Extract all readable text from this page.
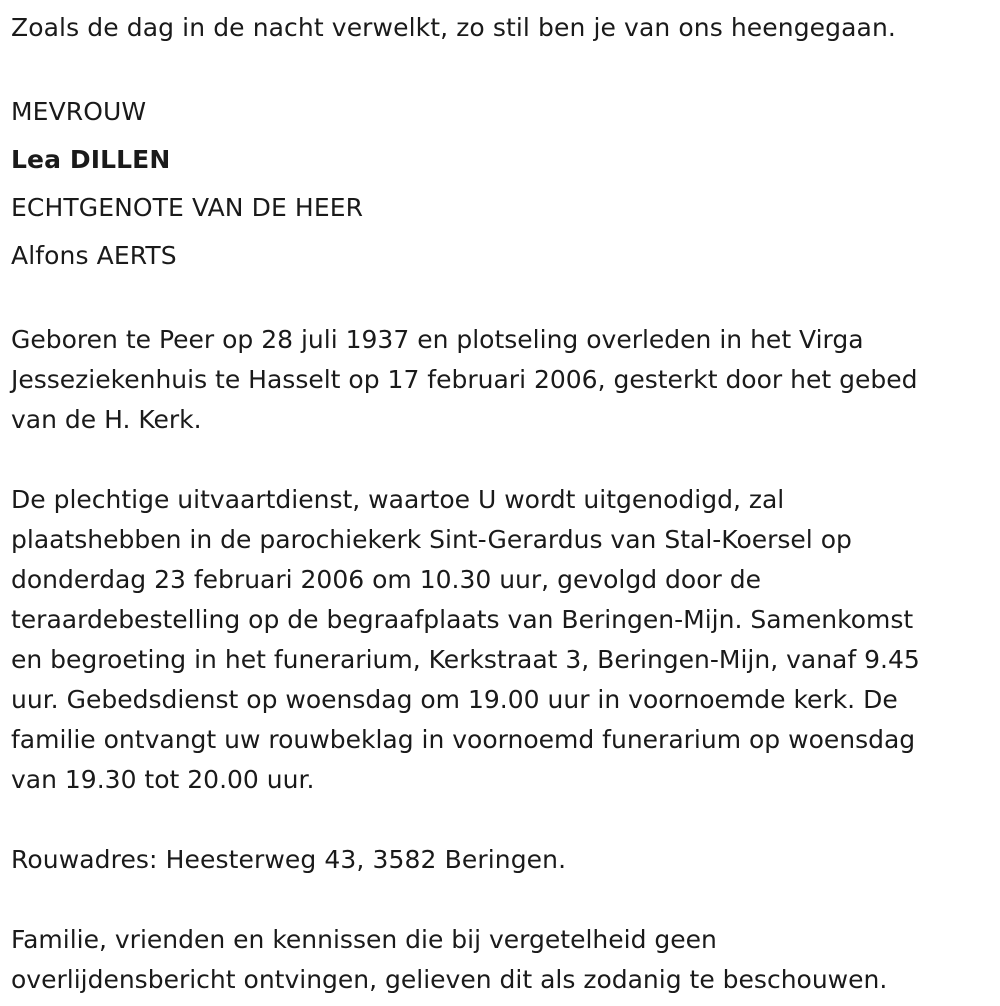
Zoals de dag in de nacht verwelkt, zo stil ben je van ons heengegaan.

MEVROUW

Lea DILLEN

ECHTGENOTE VAN DE HEER

Alfons AERTS

Geboren te Peer op 28 juli 1937 en plotseling overleden in het Virga
Jesseziekenhuis te Hasselt op 17 februari 2006, gesterkt door het gebed
van de H. Kerk.

De plechtige uitvaartdienst, waartoe U wordt uitgenodigd, zal
plaatshebben in de parochiekerk Sint-Gerardus van Stal-Koersel op
donderdag 23 februari 2006 om 10.30 uur, gevolgd door de
teraardebestelling op de begraafplaats van Beringen-Mijn. Samenkomst
en begroeting in het funerarium, Kerkstraat 3, Beringen-Mijn, vanaf 9.45
uur. Gebedsdienst op woensdag om 19.00 uur in voornoemde kerk. De
familie ontvangt uw rouwbeklag in voornoemd funerarium op woensdag
van 19.30 tot 20.00 uur.

Rouwadres: Heesterweg 43, 3582 Beringen.

Familie, vrienden en kennissen die bij vergetelheid geen
overlijdensbericht ontvingen, gelieven dit als zodanig te beschouwen.
